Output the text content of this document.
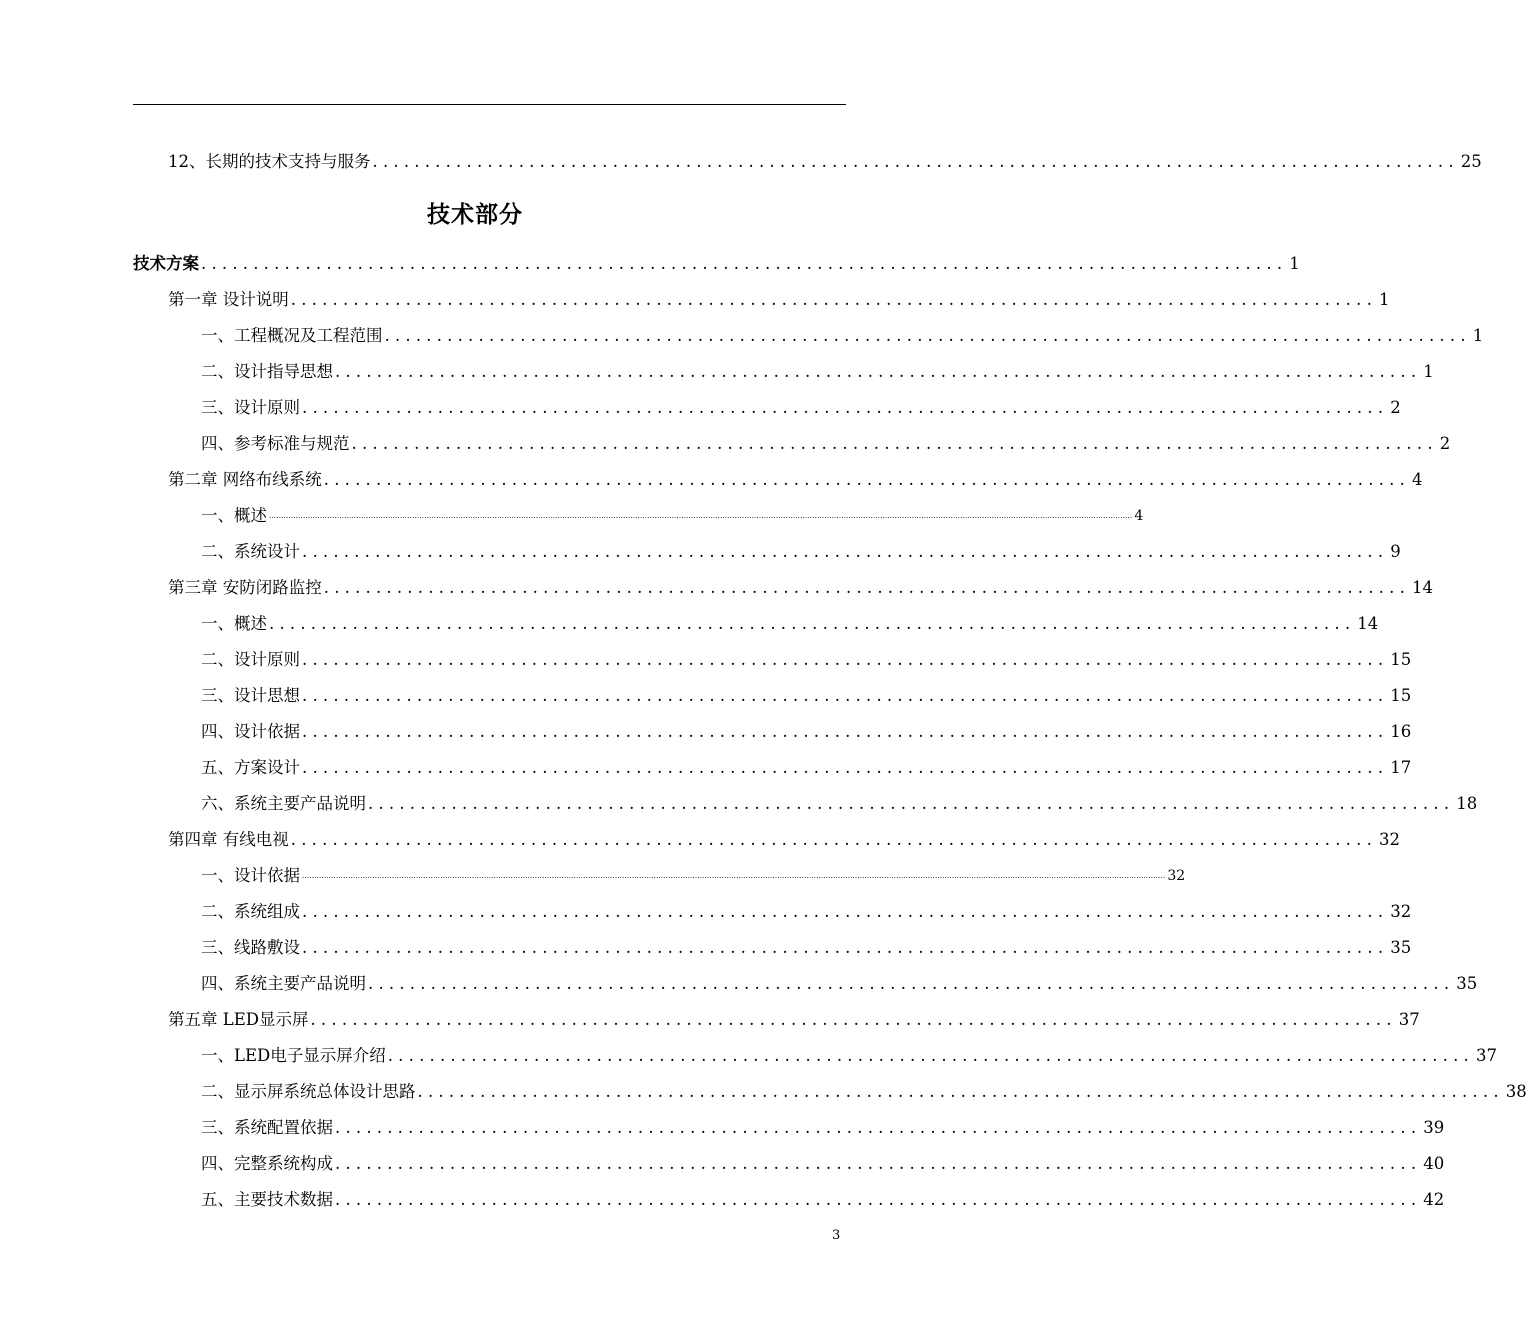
12、长期的技术支持与服务 ........................................................................................................ 25
技术部分
技术方案 ........................................................................................................ 1
第一章 设计说明 ........................................................................................................ 1
一、工程概况及工程范围 ........................................................................................................ 1
二、设计指导思想 ........................................................................................................ 1
三、设计原则 ........................................................................................................ 2
四、参考标准与规范 ........................................................................................................ 2
第二章 网络布线系统 ........................................................................................................ 4
一、概述 .................................................................................................................................................................................................................................................................................................................................................................... 4
二、系统设计 ........................................................................................................ 9
第三章 安防闭路监控 ........................................................................................................ 14
一、概述 ........................................................................................................ 14
二、设计原则 ........................................................................................................ 15
三、设计思想 ........................................................................................................ 15
四、设计依据 ........................................................................................................ 16
五、方案设计 ........................................................................................................ 17
六、系统主要产品说明 ........................................................................................................ 18
第四章 有线电视 ........................................................................................................ 32
一、设计依据 .................................................................................................................................................................................................................................................................................................................................................................... 32
二、系统组成 ........................................................................................................ 32
三、线路敷设 ........................................................................................................ 35
四、系统主要产品说明 ........................................................................................................ 35
第五章 LED显示屏 ........................................................................................................ 37
一、LED电子显示屏介绍 ........................................................................................................ 37
二、显示屏系统总体设计思路 ........................................................................................................ 38
三、系统配置依据 ........................................................................................................ 39
四、完整系统构成 ........................................................................................................ 40
五、主要技术数据 ........................................................................................................ 42
3
